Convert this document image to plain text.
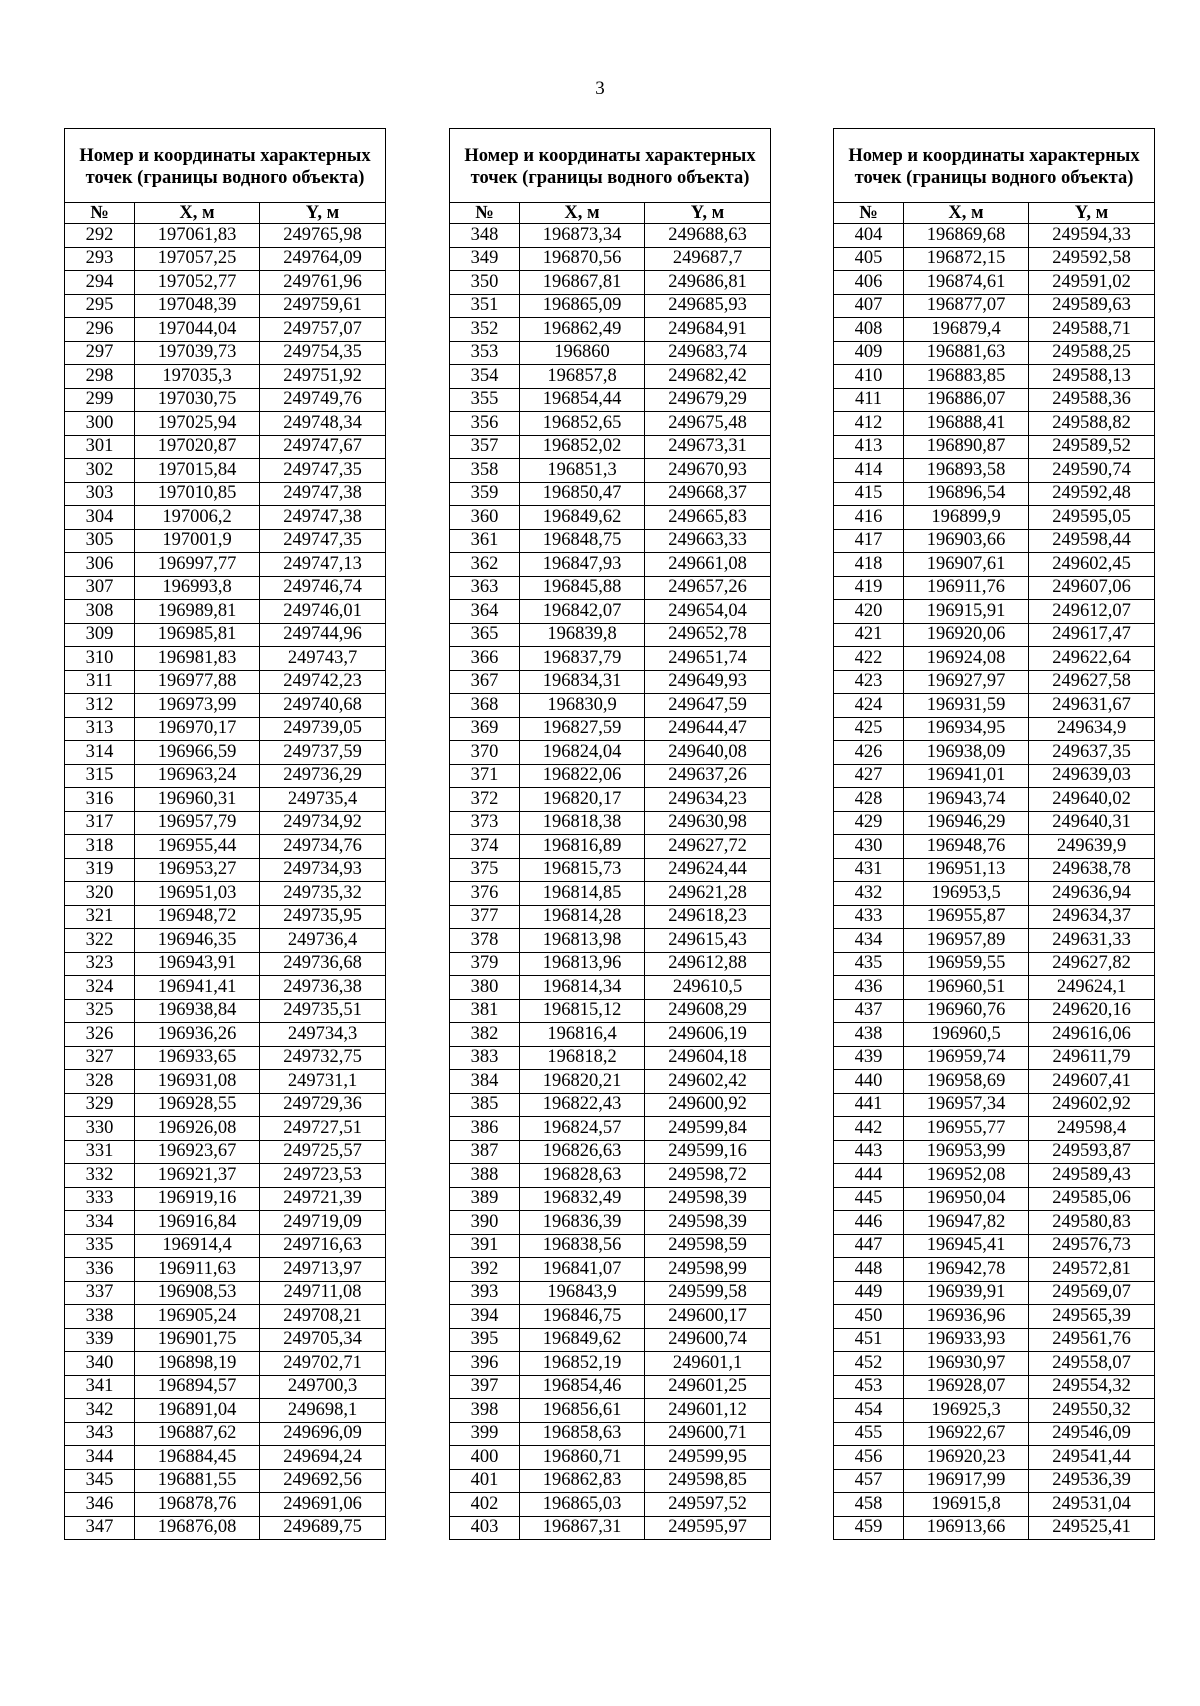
3
Номер и координаты характерных точек (границы водного объекта)		
№	X, м	Y, м
292	197061,83	249765,98
293	197057,25	249764,09
294	197052,77	249761,96
295	197048,39	249759,61
296	197044,04	249757,07
297	197039,73	249754,35
298	197035,3	249751,92
299	197030,75	249749,76
300	197025,94	249748,34
301	197020,87	249747,67
302	197015,84	249747,35
303	197010,85	249747,38
304	197006,2	249747,38
305	197001,9	249747,35
306	196997,77	249747,13
307	196993,8	249746,74
308	196989,81	249746,01
309	196985,81	249744,96
310	196981,83	249743,7
311	196977,88	249742,23
312	196973,99	249740,68
313	196970,17	249739,05
314	196966,59	249737,59
315	196963,24	249736,29
316	196960,31	249735,4
317	196957,79	249734,92
318	196955,44	249734,76
319	196953,27	249734,93
320	196951,03	249735,32
321	196948,72	249735,95
322	196946,35	249736,4
323	196943,91	249736,68
324	196941,41	249736,38
325	196938,84	249735,51
326	196936,26	249734,3
327	196933,65	249732,75
328	196931,08	249731,1
329	196928,55	249729,36
330	196926,08	249727,51
331	196923,67	249725,57
332	196921,37	249723,53
333	196919,16	249721,39
334	196916,84	249719,09
335	196914,4	249716,63
336	196911,63	249713,97
337	196908,53	249711,08
338	196905,24	249708,21
339	196901,75	249705,34
340	196898,19	249702,71
341	196894,57	249700,3
342	196891,04	249698,1
343	196887,62	249696,09
344	196884,45	249694,24
345	196881,55	249692,56
346	196878,76	249691,06
347	196876,08	249689,75
Номер и координаты характерных точек (границы водного объекта)		
№	X, м	Y, м
348	196873,34	249688,63
349	196870,56	249687,7
350	196867,81	249686,81
351	196865,09	249685,93
352	196862,49	249684,91
353	196860	249683,74
354	196857,8	249682,42
355	196854,44	249679,29
356	196852,65	249675,48
357	196852,02	249673,31
358	196851,3	249670,93
359	196850,47	249668,37
360	196849,62	249665,83
361	196848,75	249663,33
362	196847,93	249661,08
363	196845,88	249657,26
364	196842,07	249654,04
365	196839,8	249652,78
366	196837,79	249651,74
367	196834,31	249649,93
368	196830,9	249647,59
369	196827,59	249644,47
370	196824,04	249640,08
371	196822,06	249637,26
372	196820,17	249634,23
373	196818,38	249630,98
374	196816,89	249627,72
375	196815,73	249624,44
376	196814,85	249621,28
377	196814,28	249618,23
378	196813,98	249615,43
379	196813,96	249612,88
380	196814,34	249610,5
381	196815,12	249608,29
382	196816,4	249606,19
383	196818,2	249604,18
384	196820,21	249602,42
385	196822,43	249600,92
386	196824,57	249599,84
387	196826,63	249599,16
388	196828,63	249598,72
389	196832,49	249598,39
390	196836,39	249598,39
391	196838,56	249598,59
392	196841,07	249598,99
393	196843,9	249599,58
394	196846,75	249600,17
395	196849,62	249600,74
396	196852,19	249601,1
397	196854,46	249601,25
398	196856,61	249601,12
399	196858,63	249600,71
400	196860,71	249599,95
401	196862,83	249598,85
402	196865,03	249597,52
403	196867,31	249595,97
Номер и координаты характерных точек (границы водного объекта)		
№	X, м	Y, м
404	196869,68	249594,33
405	196872,15	249592,58
406	196874,61	249591,02
407	196877,07	249589,63
408	196879,4	249588,71
409	196881,63	249588,25
410	196883,85	249588,13
411	196886,07	249588,36
412	196888,41	249588,82
413	196890,87	249589,52
414	196893,58	249590,74
415	196896,54	249592,48
416	196899,9	249595,05
417	196903,66	249598,44
418	196907,61	249602,45
419	196911,76	249607,06
420	196915,91	249612,07
421	196920,06	249617,47
422	196924,08	249622,64
423	196927,97	249627,58
424	196931,59	249631,67
425	196934,95	249634,9
426	196938,09	249637,35
427	196941,01	249639,03
428	196943,74	249640,02
429	196946,29	249640,31
430	196948,76	249639,9
431	196951,13	249638,78
432	196953,5	249636,94
433	196955,87	249634,37
434	196957,89	249631,33
435	196959,55	249627,82
436	196960,51	249624,1
437	196960,76	249620,16
438	196960,5	249616,06
439	196959,74	249611,79
440	196958,69	249607,41
441	196957,34	249602,92
442	196955,77	249598,4
443	196953,99	249593,87
444	196952,08	249589,43
445	196950,04	249585,06
446	196947,82	249580,83
447	196945,41	249576,73
448	196942,78	249572,81
449	196939,91	249569,07
450	196936,96	249565,39
451	196933,93	249561,76
452	196930,97	249558,07
453	196928,07	249554,32
454	196925,3	249550,32
455	196922,67	249546,09
456	196920,23	249541,44
457	196917,99	249536,39
458	196915,8	249531,04
459	196913,66	249525,41
